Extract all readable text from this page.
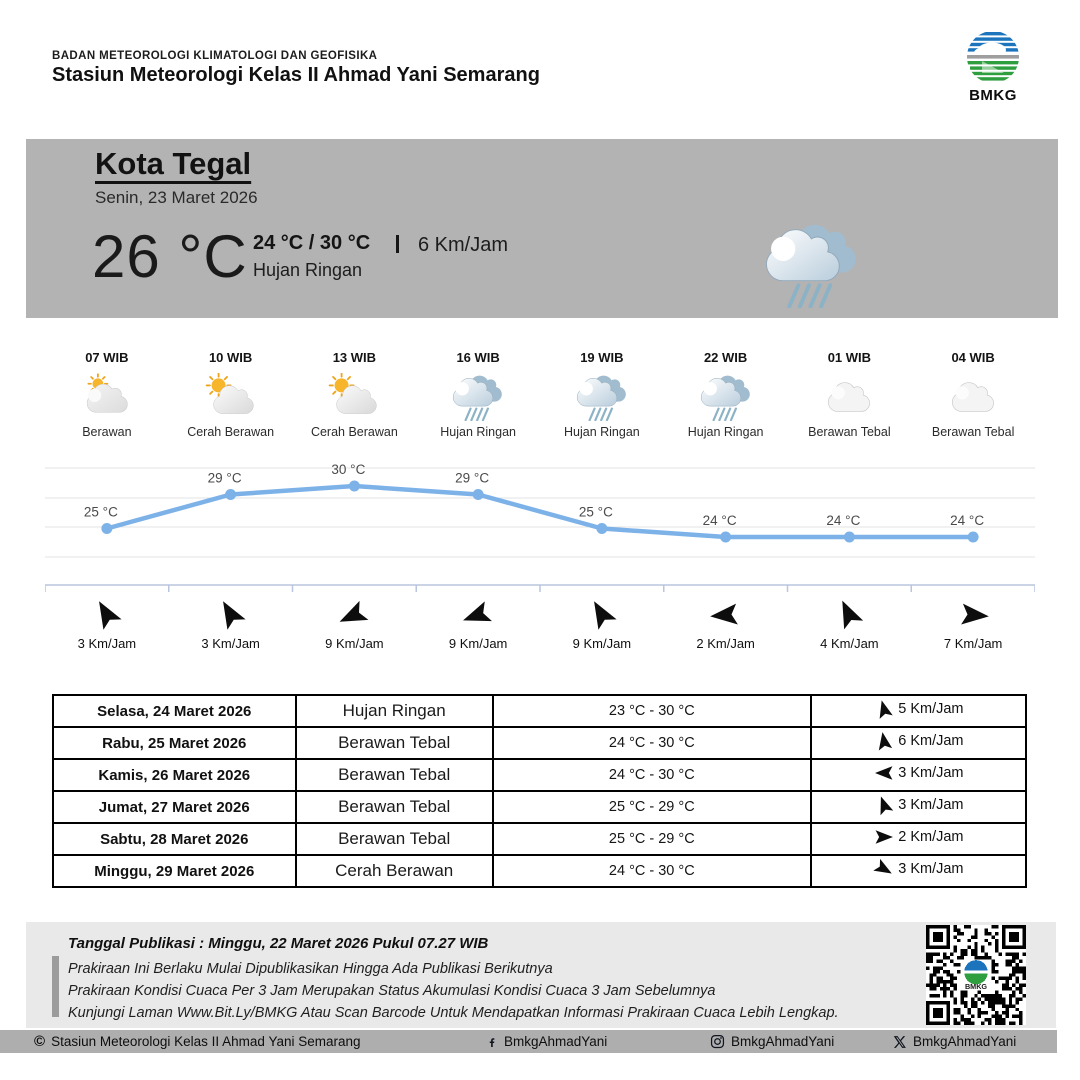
BADAN METEOROLOGI KLIMATOLOGI DAN GEOFISIKA
Stasiun Meteorologi Kelas II Ahmad Yani Semarang
BMKG
Kota Tegal
Senin, 23 Maret 2026
26 °C 24 °C / 30 °C
Hujan Ringan
6 Km/Jam
07 WIB
Berawan
10 WIB
Cerah Berawan
13 WIB
Cerah Berawan
16 WIB
Hujan Ringan
19 WIB
Hujan Ringan
22 WIB
Hujan Ringan
01 WIB
Berawan Tebal
04 WIB
Berawan Tebal
25 °C
29 °C
30 °C
29 °C
25 °C
24 °C	24 °C	24 °C
3 Km/Jam	3 Km/Jam	9 Km/Jam	9 Km/Jam	9 Km/Jam	2 Km/Jam	4 Km/Jam	7 Km/Jam
Selasa, 24 Maret 2026	Hujan Ringan	23 °C - 30 °C	5 Km/Jam

Rabu, 25 Maret 2026	Berawan Tebal	24 °C - 30 °C	6 Km/Jam

Kamis, 26 Maret 2026	Berawan Tebal	24 °C - 30 °C	3 Km/Jam

Jumat, 27 Maret 2026	Berawan Tebal	25 °C - 29 °C	3 Km/Jam

Sabtu, 28 Maret 2026	Berawan Tebal	25 °C - 29 °C	2 Km/Jam

Minggu, 29 Maret 2026	Cerah Berawan	24 °C - 30 °C	3 Km/Jam
Tanggal Publikasi : Minggu, 22 Maret 2026 Pukul 07.27 WIB
Prakiraan Ini Berlaku Mulai Dipublikasikan Hingga Ada Publikasi Berikutnya
Prakiraan Kondisi Cuaca Per 3 Jam Merupakan Status Akumulasi Kondisi Cuaca 3 Jam Sebelumnya
Kunjungi Laman Www.Bit.Ly/BMKG Atau Scan Barcode Untuk Mendapatkan Informasi Prakiraan Cuaca Lebih Lengkap.
BMKG
© Stasiun Meteorologi Kelas II Ahmad Yani Semarang	BmkgAhmadYani	BmkgAhmadYani	BmkgAhmadYani
